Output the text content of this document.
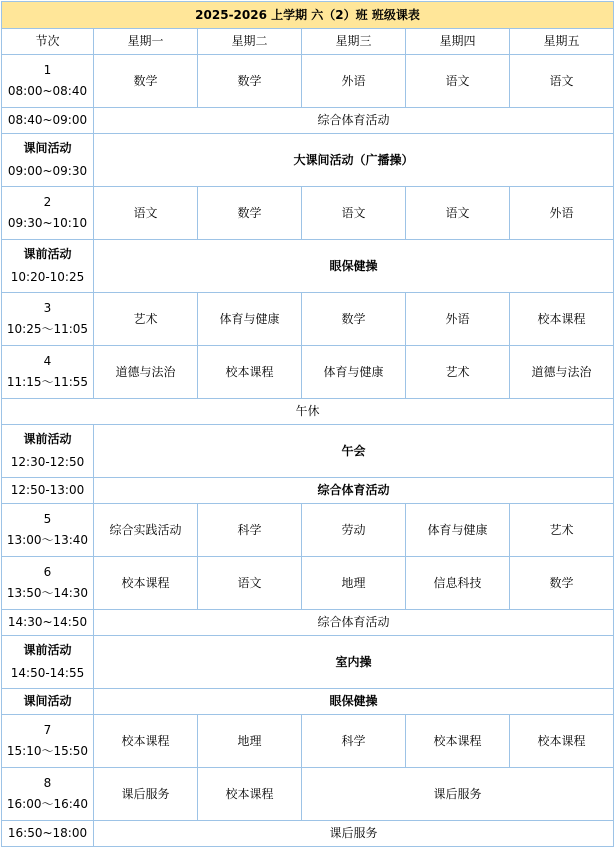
2025-2026 上学期 六（2）班 班级课表					
节次	星期一	星期二	星期三	星期四	星期五

1
08:00~08:40	数学	数学	外语	语文	语文
08:40~09:00	综合体育活动				

课间活动
09:00~09:30	大课间活动（广播操）				

2
09:30~10:10	语文	数学	语文	语文	外语

课前活动
10:20-10:25	眼保健操				

3
10:25～11:05	艺术	体育与健康	数学	外语	校本课程

4
11:15～11:55	道德与法治	校本课程	体育与健康	艺术	道德与法治
午休					

课前活动
12:30-12:50	午会				
12:50-13:00	综合体育活动				

5
13:00～13:40	综合实践活动	科学	劳动	体育与健康	艺术

6
13:50～14:30	校本课程	语文	地理	信息科技	数学
14:30~14:50	综合体育活动				

课前活动
14:50-14:55	室内操				
课间活动	眼保健操				

7
15:10～15:50	校本课程	地理	科学	校本课程	校本课程

8
16:00～16:40	课后服务	校本课程	课后服务		
16:50~18:00	课后服务				
